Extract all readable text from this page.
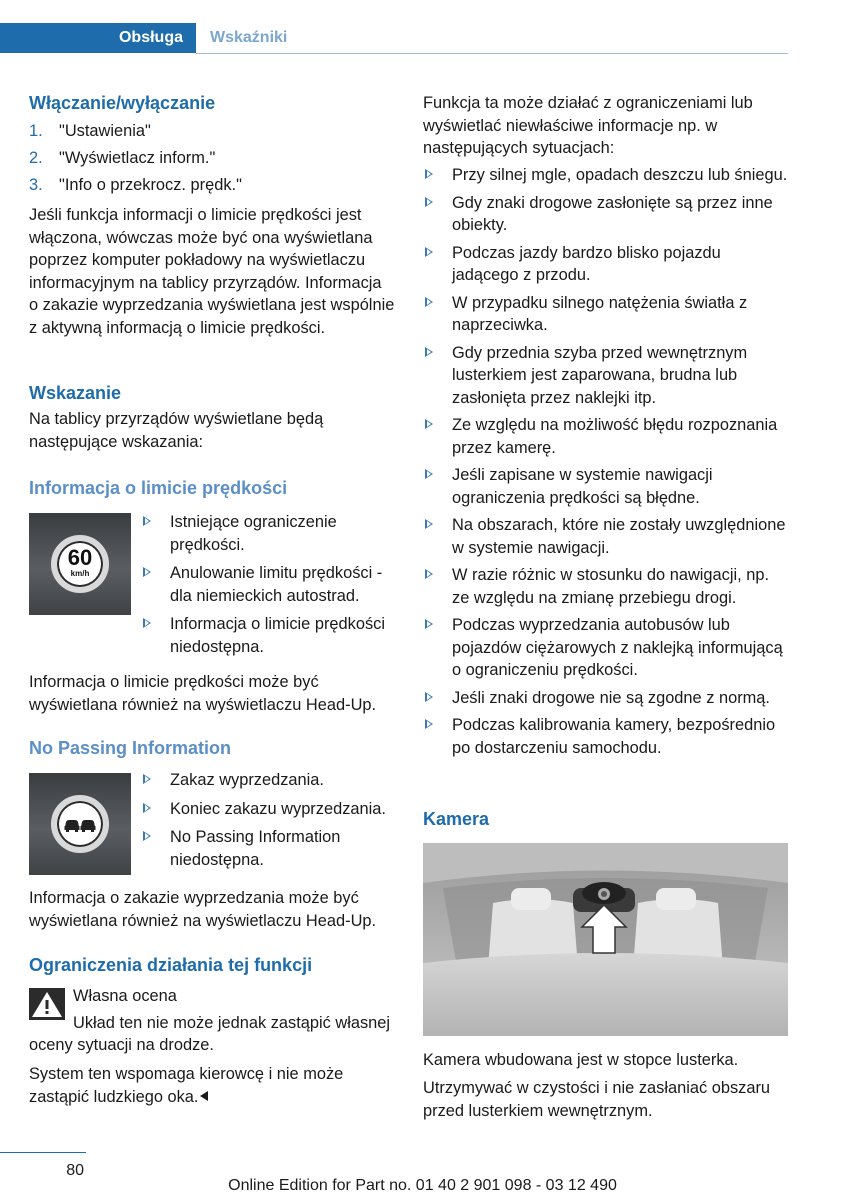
Obsługa	Wskaźniki
Włączanie/wyłączanie
1. "Ustawienia"
2. "Wyświetlacz inform."
3. "Info o przekrocz. prędk."

Jeśli funkcja informacji o limicie prędkości jest włączona, wówczas może być ona wyświetlana poprzez komputer pokładowy na wyświetlaczu informacyjnym na tablicy przyrządów. Informacja o zakazie wyprzedzania wyświetlana jest wspólnie z aktywną informacją o limicie prędkości.

Wskazanie

Na tablicy przyrządów wyświetlane będą następujące wskazania:

Informacja o limicie prędkości
60
km/h
Istniejące ograniczenie prędkości.
Anulowanie limitu prędkości - dla niemieckich autostrad.
Informacja o limicie prędkości niedostępna.

Informacja o limicie prędkości może być wyświetlana również na wyświetlaczu Head-Up.

No Passing Information
Zakaz wyprzedzania.
Koniec zakazu wyprzedzania.
No Passing Information niedostępna.

Informacja o zakazie wyprzedzania może być wyświetlana również na wyświetlaczu Head-Up.

Ograniczenia działania tej funkcji

Własna ocena

Układ ten nie może jednak zastąpić własnej oceny sytuacji na drodze.

System ten wspomaga kierowcę i nie może zastąpić ludzkiego oka.

Funkcja ta może działać z ograniczeniami lub wyświetlać niewłaściwe informacje np. w następujących sytuacjach:

Przy silnej mgle, opadach deszczu lub śniegu.
Gdy znaki drogowe zasłonięte są przez inne obiekty.
Podczas jazdy bardzo blisko pojazdu jadącego z przodu.
W przypadku silnego natężenia światła z naprzeciwka.
Gdy przednia szyba przed wewnętrznym lusterkiem jest zaparowana, brudna lub zasłonięta przez naklejki itp.
Ze względu na możliwość błędu rozpoznania przez kamerę.
Jeśli zapisane w systemie nawigacji ograniczenia prędkości są błędne.
Na obszarach, które nie zostały uwzględnione w systemie nawigacji.
W razie różnic w stosunku do nawigacji, np. ze względu na zmianę przebiegu drogi.
Podczas wyprzedzania autobusów lub pojazdów ciężarowych z naklejką informującą o ograniczeniu prędkości.
Jeśli znaki drogowe nie są zgodne z normą.
Podczas kalibrowania kamery, bezpośrednio po dostarczeniu samochodu.
Kamera

Kamera wbudowana jest w stopce lusterka.

Utrzymywać w czystości i nie zasłaniać obszaru przed lusterkiem wewnętrznym.

80
Online Edition for Part no. 01 40 2 901 098 - 03 12 490
